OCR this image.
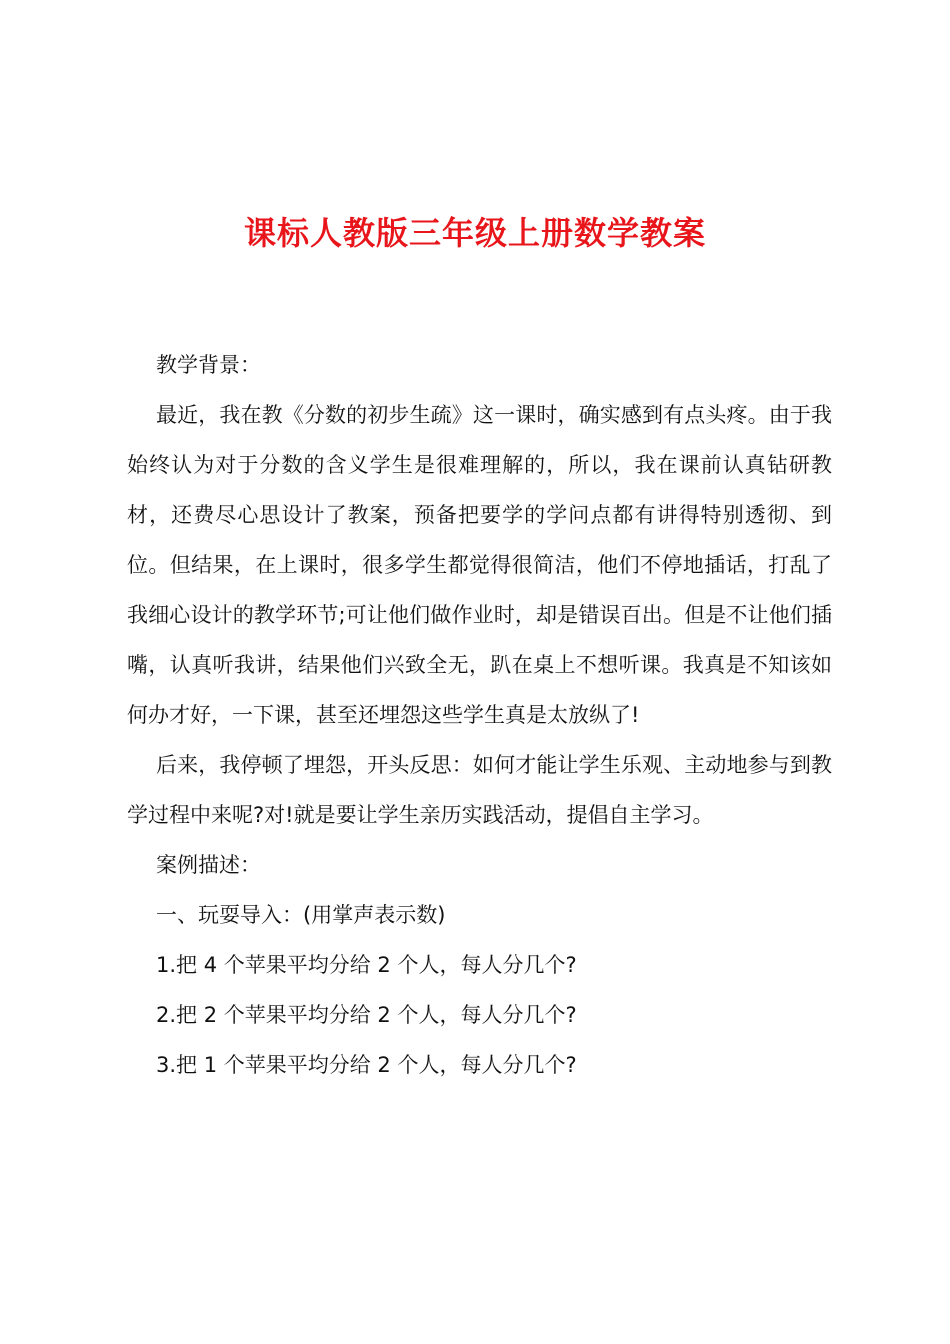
课标人教版三年级上册数学教案
教学背景：

最近，我在教《分数的初步生疏》这一课时，确实感到有点头疼。由于我始终认为对于分数的含义学生是很难理解的，所以，我在课前认真钻研教材，还费尽心思设计了教案，预备把要学的学问点都有讲得特别透彻、到位。但结果，在上课时，很多学生都觉得很简洁，他们不停地插话，打乱了我细心设计的教学环节;可让他们做作业时，却是错误百出。但是不让他们插嘴，认真听我讲，结果他们兴致全无，趴在桌上不想听课。我真是不知该如何办才好，一下课，甚至还埋怨这些学生真是太放纵了!

后来，我停顿了埋怨，开头反思：如何才能让学生乐观、主动地参与到教学过程中来呢?对!就是要让学生亲历实践活动，提倡自主学习。

案例描述：
一、玩耍导入：(用掌声表示数)
1.把 4 个苹果平均分给 2 个人，每人分几个?
2.把 2 个苹果平均分给 2 个人，每人分几个?
3.把 1 个苹果平均分给 2 个人，每人分几个?
